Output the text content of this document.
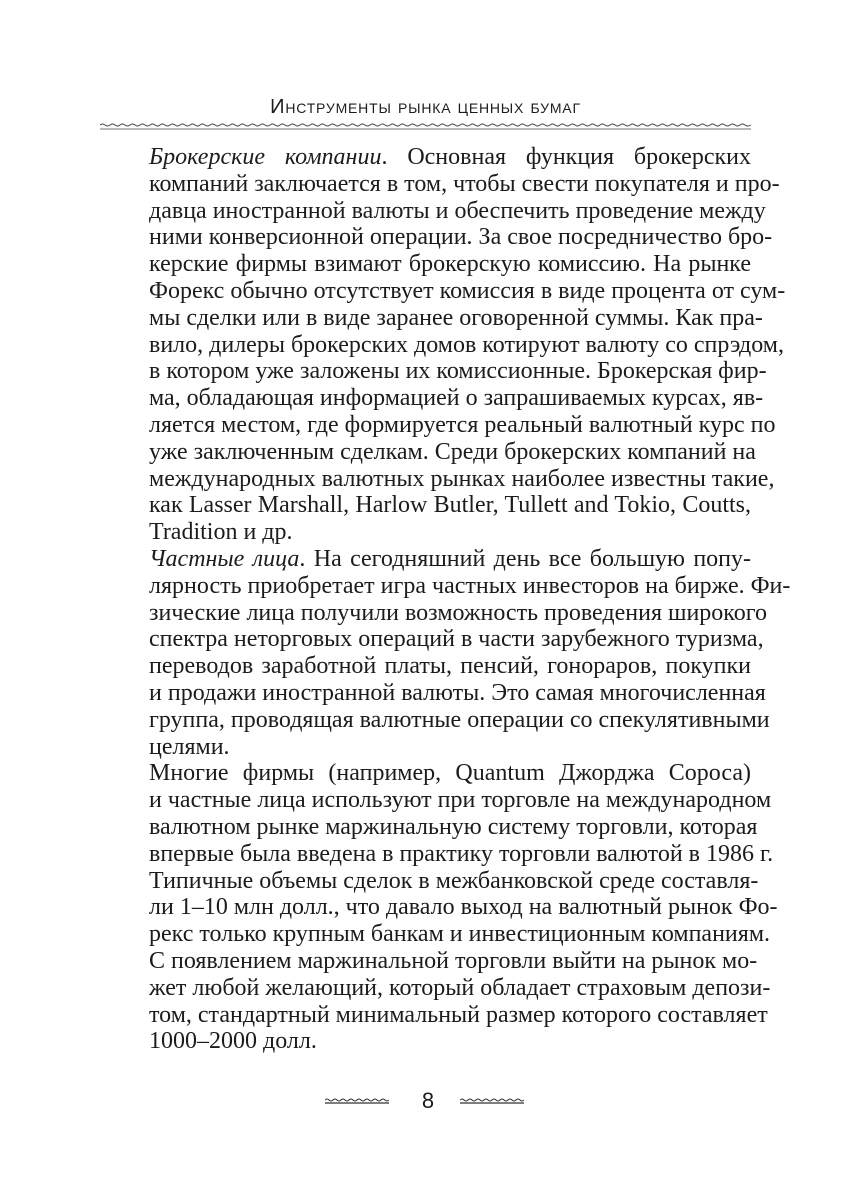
Инструменты рынка ценных бумаг

Брокерские компании. Основная функция брокерских
компаний заключается в том, чтобы свести покупателя и про-
давца иностранной валюты и обеспечить проведение между
ними конверсионной операции. За свое посредничество бро-
керские фирмы взимают брокерскую комиссию. На рынке
Форекс обычно отсутствует комиссия в виде процента от сум-
мы сделки или в виде заранее оговоренной суммы. Как пра-
вило, дилеры брокерских домов котируют валюту со спрэдом,
в котором уже заложены их комиссионные. Брокерская фир-
ма, обладающая информацией о запрашиваемых курсах, яв-
ляется местом, где формируется реальный валютный курс по
уже заключенным сделкам. Среди брокерских компаний на
международных валютных рынках наиболее известны такие,
как Lasser Marshall, Harlow Butler, Tullett and Tokio, Coutts,
Tradition и др.

Частные лица. На сегодняшний день все большую попу-
лярность приобретает игра частных инвесторов на бирже. Фи-
зические лица получили возможность проведения широкого
спектра неторговых операций в части зарубежного туризма,
переводов заработной платы, пенсий, гонораров, покупки
и продажи иностранной валюты. Это самая многочисленная
группа, проводящая валютные операции со спекулятивными
целями.

Многие фирмы (например, Quantum Джорджа Сороса)
и частные лица используют при торговле на международном
валютном рынке маржинальную систему торговли, которая
впервые была введена в практику торговли валютой в 1986 г.
Типичные объемы сделок в межбанковской среде составля-
ли 1–10 млн долл., что давало выход на валютный рынок Фо-
рекс только крупным банкам и инвестиционным компаниям.
С появлением маржинальной торговли выйти на рынок мо-
жет любой желающий, который обладает страховым депози-
том, стандартный минимальный размер которого составляет
1000–2000 долл.

8
